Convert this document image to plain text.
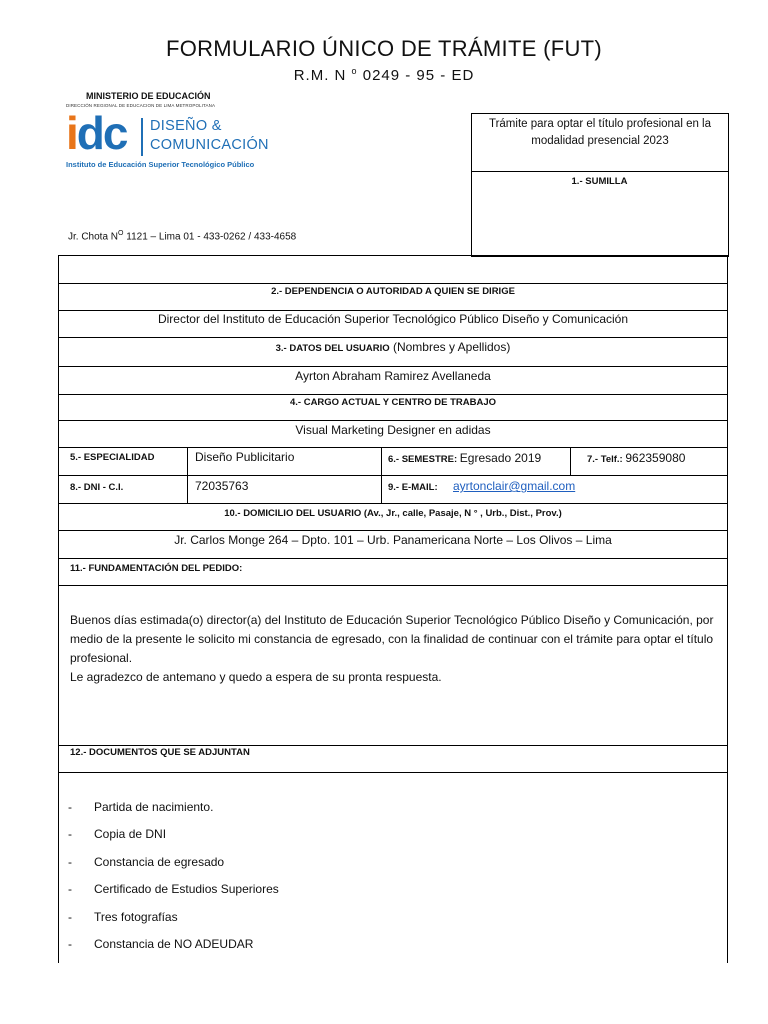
FORMULARIO ÚNICO DE TRÁMITE (FUT)
R.M. N $^o$ 0249 - 95 - ED
MINISTERIO DE EDUCACIÓN
DIRECCIÓN REGIONAL DE EDUCACION DE LIMA METROPOLITANA
idc DISEÑO &
COMUNICACIÓN
Instituto de Educación Superior Tecnológico Público
Jr. Chota $N^O$ 1121 – Lima 01 - 433-0262 / 433-4658
Trámite para optar el título profesional en la modalidad presencial 2023
1.- SUMILLA
2.- DEPENDENCIA O AUTORIDAD A QUIEN SE DIRIGE
Director del Instituto de Educación Superior Tecnológico Público Diseño y Comunicación
3.- DATOS DEL USUARIO (Nombres y Apellidos)
Ayrton Abraham Ramirez Avellaneda
4.- CARGO ACTUAL Y CENTRO DE TRABAJO
Visual Marketing Designer en adidas
5.- ESPECIALIDAD	Diseño Publicitario	6.- SEMESTRE: Egresado 2019	7.- Telf.: 962359080
8.- DNI - C.I.	72035763	9.- E-MAIL: ayrtonclair@gmail.com
10.- DOMICILIO DEL USUARIO (Av., Jr., calle, Pasaje, N ° , Urb., Dist., Prov.)
Jr. Carlos Monge 264 – Dpto. 101 – Urb. Panamericana Norte – Los Olivos – Lima
11.- FUNDAMENTACIÓN DEL PEDIDO:
Buenos días estimada(o) director(a) del Instituto de Educación Superior Tecnológico Público Diseño y Comunicación, por medio de la presente le solicito mi constancia de egresado, con la finalidad de continuar con el trámite para optar el título profesional.
Le agradezco de antemano y quedo a espera de su pronta respuesta.
12.- DOCUMENTOS QUE SE ADJUNTAN
- Partida de nacimiento.
- Copia de DNI
- Constancia de egresado
- Certificado de Estudios Superiores
- Tres fotografías
- Constancia de NO ADEUDAR
